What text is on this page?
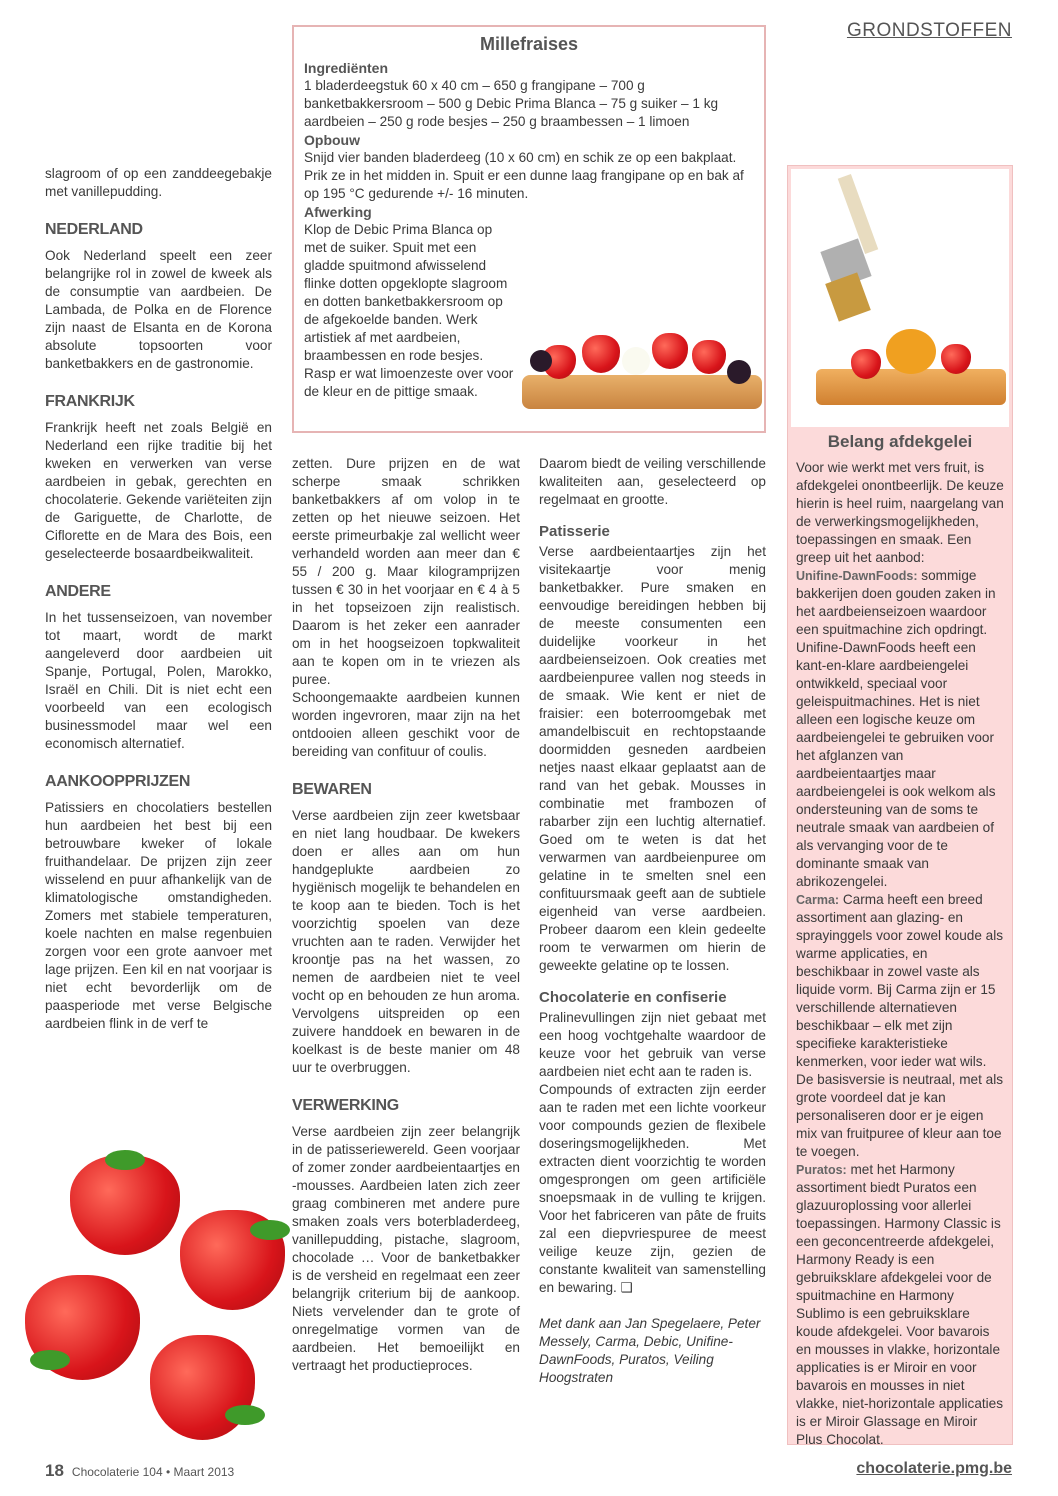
GRONDSTOFFEN
Millefraises
Ingrediënten

1 bladerdeegstuk 60 x 40 cm – 650 g frangipane – 700 g banketbakkersroom – 500 g Debic Prima Blanca – 75 g suiker – 1 kg aardbeien – 250 g rode besjes – 250 g braambessen – 1 limoen

Opbouw

Snijd vier banden bladerdeeg (10 x 60 cm) en schik ze op een bakplaat. Prik ze in het midden in. Spuit er een dunne laag frangipane op en bak af op 195 °C gedurende +/- 16 minuten.

Afwerking

Klop de Debic Prima Blanca op met de suiker. Spuit met een gladde spuitmond afwisselend flinke dotten opgeklopte slagroom en dotten banketbakkersroom op de afgekoelde banden. Werk artistiek af met aardbeien, braambessen en rode besjes. Rasp er wat limoenzeste over voor de kleur en de pittige smaak.

slagroom of op een zanddeegebakje met vanillepudding.

NEDERLAND

Ook Nederland speelt een zeer belangrijke rol in zowel de kweek als de consumptie van aardbeien. De Lambada, de Polka en de Florence zijn naast de Elsanta en de Korona absolute topsoorten voor banketbakkers en de gastronomie.

FRANKRIJK

Frankrijk heeft net zoals België en Nederland een rijke traditie bij het kweken en verwerken van verse aardbeien in gebak, gerechten en chocolaterie. Gekende variëteiten zijn de Gariguette, de Charlotte, de Ciflorette en de Mara des Bois, een geselecteerde bosaardbeikwaliteit.

ANDERE

In het tussenseizoen, van november tot maart, wordt de markt aangeleverd door aardbeien uit Spanje, Portugal, Polen, Marokko, Israël en Chili. Dit is niet echt een voorbeeld van een ecologisch businessmodel maar wel een economisch alternatief.

AANKOOPPRIJZEN

Patissiers en chocolatiers bestellen hun aardbeien het best bij een betrouwbare kweker of lokale fruithandelaar. De prijzen zijn zeer wisselend en puur afhankelijk van de klimatologische omstandigheden. Zomers met stabiele temperaturen, koele nachten en malse regenbuien zorgen voor een grote aanvoer met lage prijzen. Een kil en nat voorjaar is niet echt bevorderlijk om de paasperiode met verse Belgische aardbeien flink in de verf te

zetten. Dure prijzen en de wat scherpe smaak schrikken banketbakkers af om volop in te zetten op het nieuwe seizoen. Het eerste primeurbakje zal wellicht weer verhandeld worden aan meer dan € 55 / 200 g. Maar kilogramprijzen tussen € 30 in het voorjaar en € 4 à 5 in het topseizoen zijn realistisch. Daarom is het zeker een aanrader om in het hoogseizoen topkwaliteit aan te kopen om in te vriezen als puree.

Schoongemaakte aardbeien kunnen worden ingevroren, maar zijn na het ontdooien alleen geschikt voor de bereiding van confituur of coulis.

BEWAREN

Verse aardbeien zijn zeer kwetsbaar en niet lang houdbaar. De kwekers doen er alles aan om hun handgeplukte aardbeien zo hygiënisch mogelijk te behandelen en te koop aan te bieden. Toch is het voorzichtig spoelen van deze vruchten aan te raden. Verwijder het kroontje pas na het wassen, zo nemen de aardbeien niet te veel vocht op en behouden ze hun aroma. Vervolgens uitspreiden op een zuivere handdoek en bewaren in de koelkast is de beste manier om 48 uur te overbruggen.

VERWERKING

Verse aardbeien zijn zeer belangrijk in de patisseriewereld. Geen voorjaar of zomer zonder aardbeientaartjes en -mousses. Aardbeien laten zich zeer graag combineren met andere pure smaken zoals vers boterbladerdeeg, vanillepudding, pistache, slagroom, chocolade … Voor de banketbakker is de versheid en regelmaat een zeer belangrijk criterium bij de aankoop. Niets vervelender dan te grote of onregelmatige vormen van de aardbeien. Het bemoeilijkt en vertraagt het productieproces.

Daarom biedt de veiling verschillende kwaliteiten aan, geselecteerd op regelmaat en grootte.

Patisserie

Verse aardbeientaartjes zijn het visitekaartje voor menig banketbakker. Pure smaken en eenvoudige bereidingen hebben bij de meeste consumenten een duidelijke voorkeur in het aardbeienseizoen. Ook creaties met aardbeienpuree vallen nog steeds in de smaak. Wie kent er niet de fraisier: een boterroomgebak met amandelbiscuit en rechtopstaande doormidden gesneden aardbeien netjes naast elkaar geplaatst aan de rand van het gebak. Mousses in combinatie met frambozen of rabarber zijn een luchtig alternatief. Goed om te weten is dat het verwarmen van aardbeienpuree om gelatine in te smelten snel een confituursmaak geeft aan de subtiele eigenheid van verse aardbeien. Probeer daarom een klein gedeelte room te verwarmen om hierin de geweekte gelatine op te lossen.

Chocolaterie en confiserie

Pralinevullingen zijn niet gebaat met een hoog vochtgehalte waardoor de keuze voor het gebruik van verse aardbeien niet echt aan te raden is.

Compounds of extracten zijn eerder aan te raden met een lichte voorkeur voor compounds gezien de flexibele doseringsmogelijkheden. Met extracten dient voorzichtig te worden omgesprongen om geen artificiële snoepsmaak in de vulling te krijgen. Voor het fabriceren van pâte de fruits zal een diepvriespuree de meest veilige keuze zijn, gezien de constante kwaliteit van samenstelling en bewaring. ❑

Met dank aan Jan Spegelaere, Peter Messely, Carma, Debic, Unifine-DawnFoods, Puratos, Veiling Hoogstraten

Belang afdekgelei

Voor wie werkt met vers fruit, is afdekgelei onontbeerlijk. De keuze hierin is heel ruim, naargelang van de verwerkingsmogelijkheden, toepassingen en smaak. Een greep uit het aanbod:

Unifine-DawnFoods: sommige bakkerijen doen gouden zaken in het aardbeienseizoen waardoor een spuitmachine zich opdringt. Unifine-DawnFoods heeft een kant-en-klare aardbeiengelei ontwikkeld, speciaal voor geleispuitmachines. Het is niet alleen een logische keuze om aardbeiengelei te gebruiken voor het afglanzen van aardbeientaartjes maar aardbeiengelei is ook welkom als ondersteuning van de soms te neutrale smaak van aardbeien of als vervanging voor de te dominante smaak van abrikozengelei.

Carma: Carma heeft een breed assortiment aan glazing- en sprayinggels voor zowel koude als warme applicaties, en beschikbaar in zowel vaste als liquide vorm. Bij Carma zijn er 15 verschillende alternatieven beschikbaar – elk met zijn specifieke karakteristieke kenmerken, voor ieder wat wils. De basisversie is neutraal, met als grote voordeel dat je kan personaliseren door er je eigen mix van fruitpuree of kleur aan toe te voegen.

Puratos: met het Harmony assortiment biedt Puratos een glazuuroplossing voor allerlei toepassingen. Harmony Classic is een geconcentreerde afdekgelei, Harmony Ready is een gebruiksklare afdekgelei voor de spuitmachine en Harmony Sublimo is een gebruiksklare koude afdekgelei. Voor bavarois en mousses in vlakke, horizontale applicaties is er Miroir en voor bavarois en mousses in niet vlakke, niet-horizontale applicaties is er Miroir Glassage en Miroir Plus Chocolat.

18 Chocolaterie 104 • Maart 2013	chocolaterie.pmg.be
